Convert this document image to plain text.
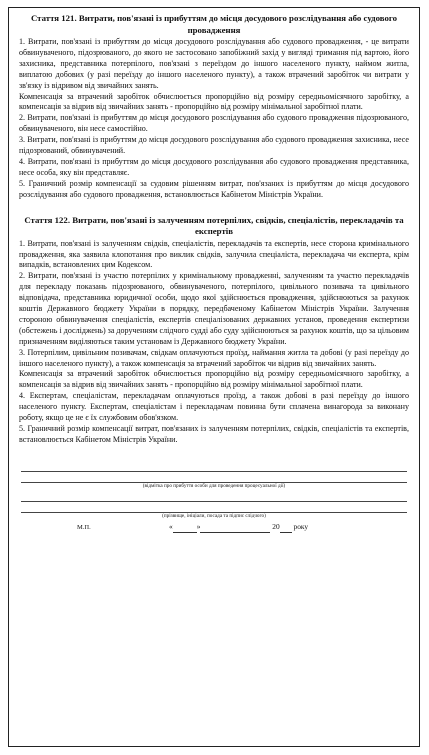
Стаття 121. Витрати, пов'язані із прибуттям до місця досудового розслідування або судового провадження

1. Витрати, пов'язані із прибуттям до місця досудового розслідування або судового провадження, - це витрати обвинуваченого, підозрюваного, до якого не застосовано запобіжний захід у вигляді тримання під вартою, його захисника, представника потерпілого, пов'язані з переїздом до іншого населеного пункту, наймом житла, виплатою добових (у разі переїзду до іншого населеного пункту), а також втрачений заробіток чи витрати у зв'язку із відривом від звичайних занять.

Компенсація за втрачений заробіток обчислюється пропорційно від розміру середньомісячного заробітку, а компенсація за відрив від звичайних занять - пропорційно від розміру мінімальної заробітної плати.

2. Витрати, пов'язані із прибуттям до місця досудового розслідування або судового провадження підозрюваного, обвинуваченого, він несе самостійно.

3. Витрати, пов'язані із прибуттям до місця досудового розслідування або судового провадження захисника, несе підозрюваний, обвинувачений.

4. Витрати, пов'язані із прибуттям до місця досудового розслідування або судового провадження представника, несе особа, яку він представляє.

5. Граничний розмір компенсації за судовим рішенням витрат, пов'язаних із прибуттям до місця досудового розслідування або судового провадження, встановлюється Кабінетом Міністрів України.

Стаття 122. Витрати, пов'язані із залученням потерпілих, свідків, спеціалістів, перекладачів та експертів

1. Витрати, пов'язані із залученням свідків, спеціалістів, перекладачів та експертів, несе сторона кримінального провадження, яка заявила клопотання про виклик свідків, залучила спеціаліста, перекладача чи експерта, крім випадків, встановлених цим Кодексом.

2. Витрати, пов'язані із участю потерпілих у кримінальному провадженні, залученням та участю перекладачів для перекладу показань підозрюваного, обвинуваченого, потерпілого, цивільного позивача та цивільного відповідача, представника юридичної особи, щодо якої здійснюється провадження, здійснюються за рахунок коштів Державного бюджету України в порядку, передбаченому Кабінетом Міністрів України. Залучення стороною обвинувачення спеціалістів, експертів спеціалізованих державних установ, проведення експертизи (обстежень і досліджень) за дорученням слідчого судді або суду здійснюються за рахунок коштів, що за цільовим призначенням виділяються таким установам із Державного бюджету України.

3. Потерпілим, цивільним позивачам, свідкам оплачуються проїзд, наймання житла та добові (у разі переїзду до іншого населеного пункту), а також компенсація за втрачений заробіток чи відрив від звичайних занять.

Компенсація за втрачений заробіток обчислюється пропорційно від розміру середньомісячного заробітку, а компенсація за відрив від звичайних занять - пропорційно від розміру мінімальної заробітної плати.

4. Експертам, спеціалістам, перекладачам оплачуються проїзд, а також добові в разі переїзду до іншого населеного пункту. Експертам, спеціалістам і перекладачам повинна бути сплачена винагорода за виконану роботу, якщо це не є їх службовим обов'язком.

5. Граничний розмір компенсації витрат, пов'язаних із залученням потерпілих, свідків, спеціалістів та експертів, встановлюється Кабінетом Міністрів України.

(відмітка про прибуття особи для проведення процесуальної дії)
(прізвище, ініціали, посада та підпис слідчого)
М.П.	«	»	20 року
